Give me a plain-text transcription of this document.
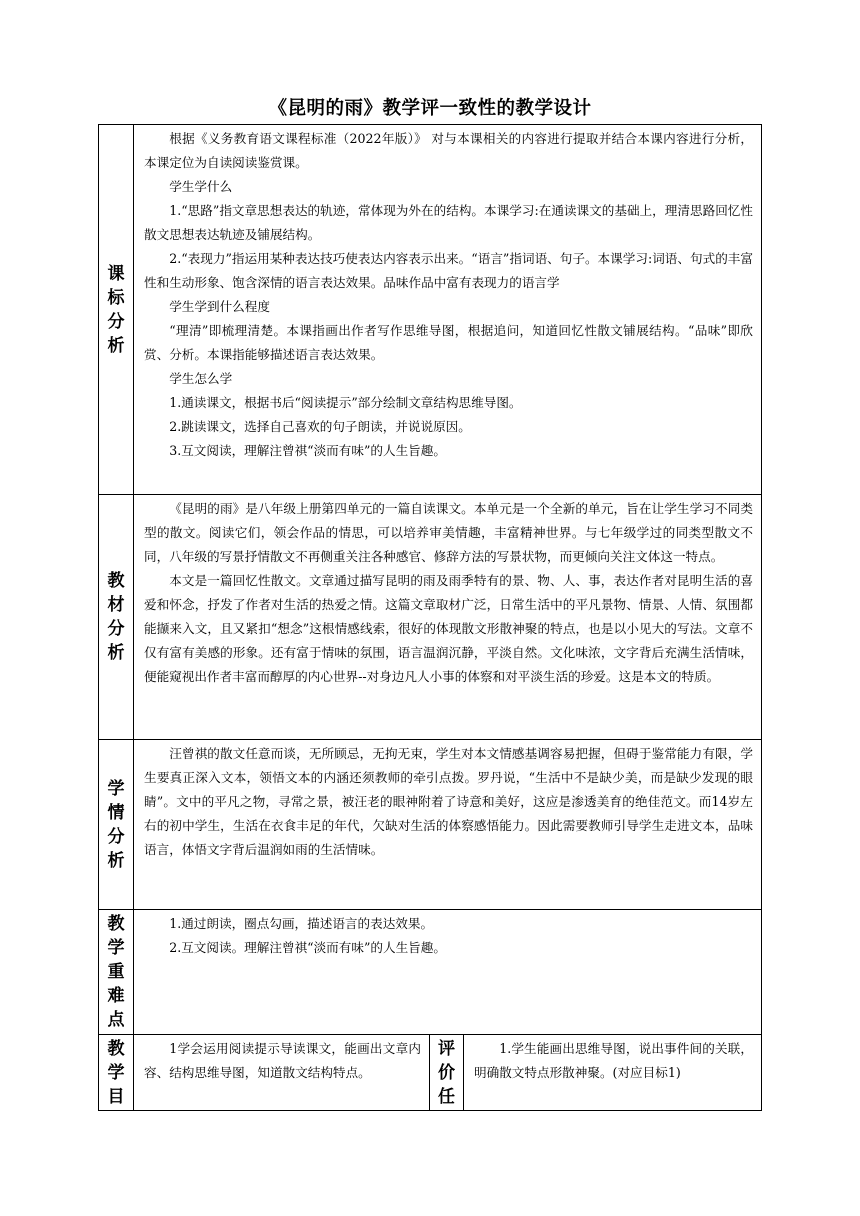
《昆明的雨》教学评一致性的教学设计
课
标
分
析

根据《义务教育语文课程标准（2022年版）》 对与本课相关的内容进行提取并结合本课内容进行分析，本课定位为自读阅读鉴赏课。

学生学什么

1.“思路”指文章思想表达的轨迹，常体现为外在的结构。本课学习:在通读课文的基础上，理清思路回忆性散文思想表达轨迹及铺展结构。

2.“表现力”指运用某种表达技巧使表达内容表示出来。“语言”指词语、句子。本课学习:词语、句式的丰富性和生动形象、饱含深情的语言表达效果。品味作品中富有表现力的语言学

学生学到什么程度

“理清”即梳理清楚。本课指画出作者写作思维导图，根据追问，知道回忆性散文铺展结构。“品味”即欣赏、分析。本课指能够描述语言表达效果。

学生怎么学

1.通读课文，根据书后“阅读提示”部分绘制文章结构思维导图。

2.跳读课文，选择自己喜欢的句子朗读，并说说原因。

3.互文阅读，理解注曾祺“淡而有味”的人生旨趣。

教
材
分
析

《昆明的雨》是八年级上册第四单元的一篇自读课文。本单元是一个全新的单元，旨在让学生学习不同类型的散文。阅读它们，领会作品的情思，可以培养审美情趣，丰富精神世界。与七年级学过的同类型散文不同，八年级的写景抒情散文不再侧重关注各种感官、修辞方法的写景状物，而更倾向关注文体这一特点。

本文是一篇回忆性散文。文章通过描写昆明的雨及雨季特有的景、物、人、事，表达作者对昆明生活的喜爱和怀念，抒发了作者对生活的热爱之情。这篇文章取材广泛，日常生活中的平凡景物、情景、人情、氛围都能撷来入文，且又紧扣“想念”这根情感线索，很好的体现散文形散神聚的特点，也是以小见大的写法。文章不仅有富有美感的形象。还有富于情味的氛围，语言温润沉静，平淡自然。文化味浓，文字背后充满生活情味，便能窥视出作者丰富而醇厚的内心世界--对身边凡人小事的体察和对平淡生活的珍爱。这是本文的特质。

学
情
分
析

汪曾祺的散文任意而谈，无所顾忌，无拘无束，学生对本文情感基调容易把握，但碍于鉴常能力有限，学生要真正深入文本，领悟文本的内涵还须教师的牵引点拨。罗丹说，“生活中不是缺少美，而是缺少发现的眼睛”。文中的平凡之物，寻常之景，被汪老的眼神附着了诗意和美好，这应是渗透美育的绝佳范文。而14岁左右的初中学生，生活在衣食丰足的年代，欠缺对生活的体察感悟能力。因此需要教师引导学生走进文本，品味语言，体悟文字背后温润如雨的生活情味。

教
学
重
难
点

1.通过朗读，圈点勾画，描述语言的表达效果。

2.互文阅读。理解注曾祺“淡而有味”的人生旨趣。

教
学
目

1学会运用阅读提示导读课文，能画出文章内容、结构思维导图，知道散文结构特点。

评
价
任

1.学生能画出思维导图，说出事件间的关联，明确散文特点形散神聚。(对应目标1)
